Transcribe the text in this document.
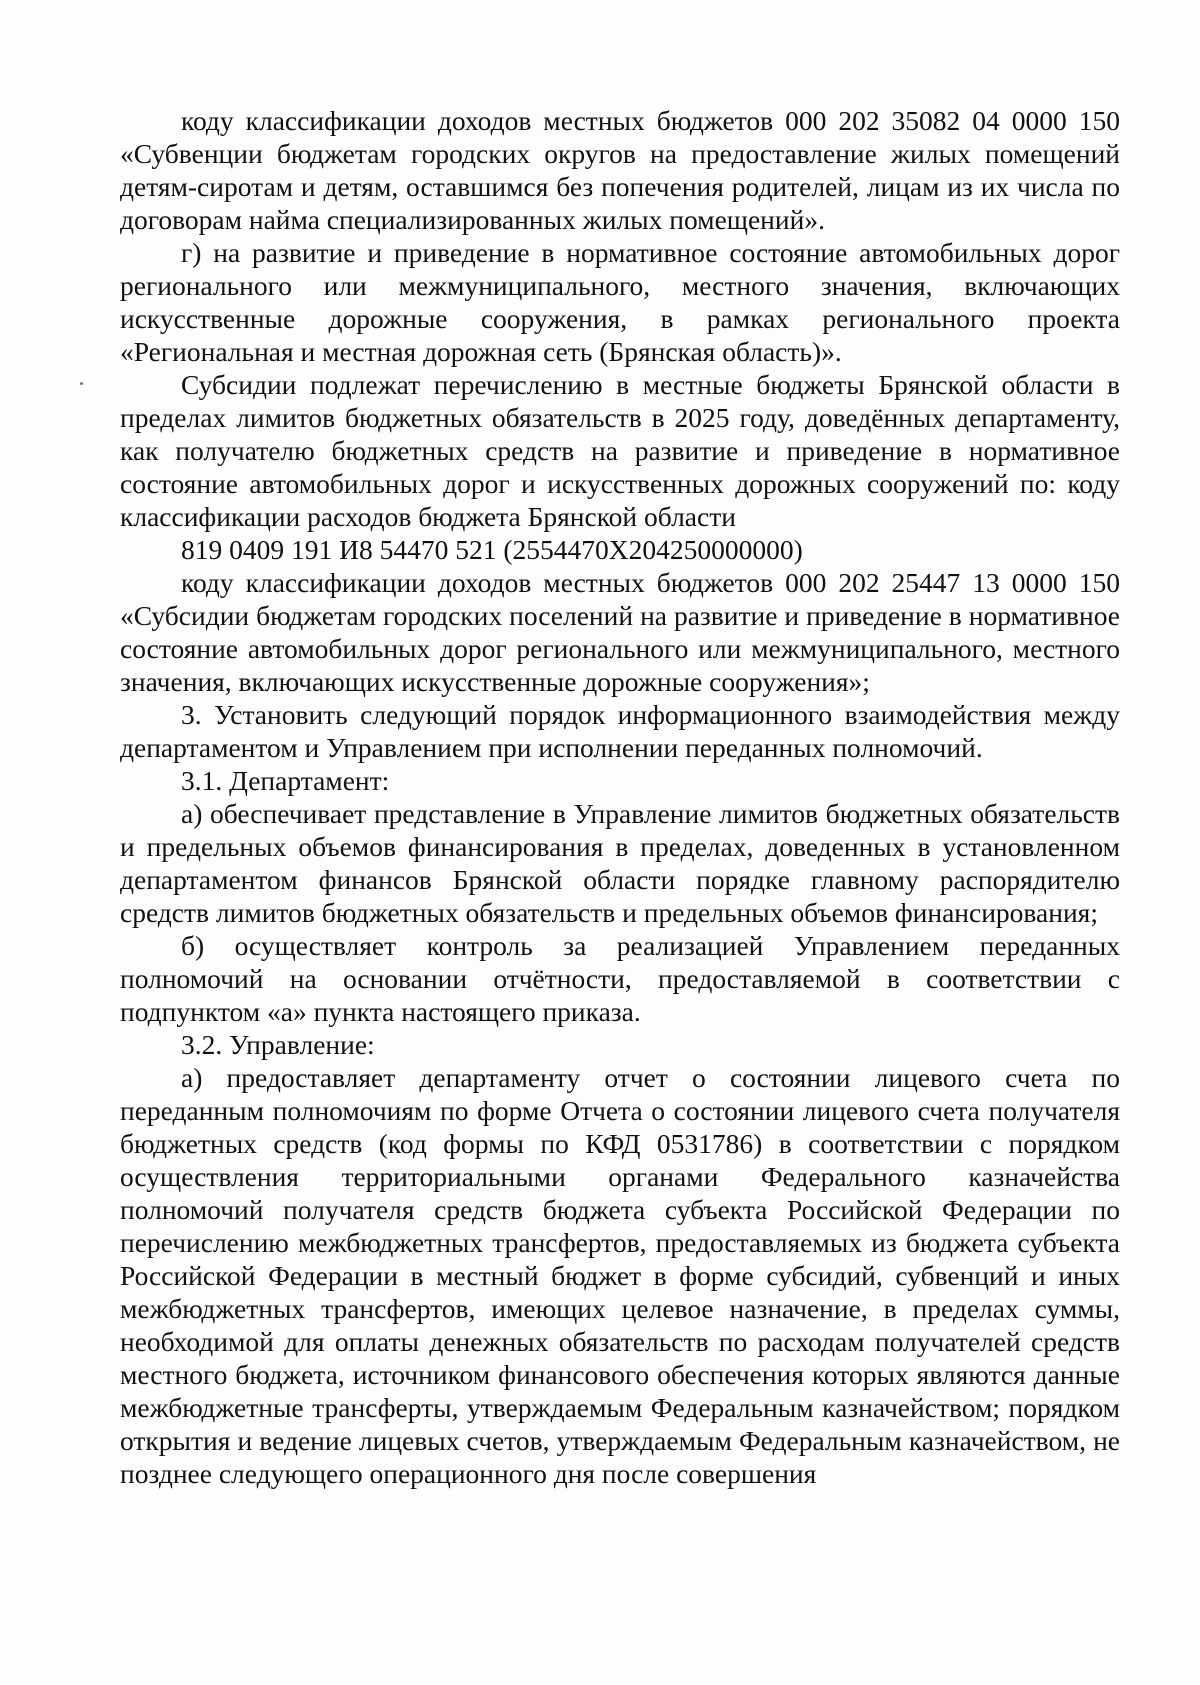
коду классификации доходов местных бюджетов 000 202 35082 04 0000 150 «Субвенции бюджетам городских округов на предоставление жилых помещений детям-сиротам и детям, оставшимся без попечения родителей, лицам из их числа по договорам найма специализированных жилых помещений».

г) на развитие и приведение в нормативное состояние автомобильных дорог регионального или межмуниципального, местного значения, включающих искусственные дорожные сооружения, в рамках регионального проекта «Региональная и местная дорожная сеть (Брянская область)».

Субсидии подлежат перечислению в местные бюджеты Брянской области в пределах лимитов бюджетных обязательств в 2025 году, доведённых департаменту, как получателю бюджетных средств на развитие и приведение в нормативное состояние автомобильных дорог и искусственных дорожных сооружений по: коду классификации расходов бюджета Брянской области

819 0409 191 И8 54470 521 (2554470Х204250000000)

коду классификации доходов местных бюджетов 000 202 25447 13 0000 150 «Субсидии бюджетам городских поселений на развитие и приведение в нормативное состояние автомобильных дорог регионального или межмуниципального, местного значения, включающих искусственные дорожные сооружения»;

3. Установить следующий порядок информационного взаимодействия между департаментом и Управлением при исполнении переданных полномочий.

3.1. Департамент:

а) обеспечивает представление в Управление лимитов бюджетных обязательств и предельных объемов финансирования в пределах, доведенных в установленном департаментом финансов Брянской области порядке главному распорядителю средств лимитов бюджетных обязательств и предельных объемов финансирования;

б) осуществляет контроль за реализацией Управлением переданных полномочий на основании отчётности, предоставляемой в соответствии с подпунктом «а» пункта настоящего приказа.

3.2. Управление:

а) предоставляет департаменту отчет о состоянии лицевого счета по переданным полномочиям по форме Отчета о состоянии лицевого счета получателя бюджетных средств (код формы по КФД 0531786) в соответствии с порядком осуществления территориальными органами Федерального казначейства полномочий получателя средств бюджета субъекта Российской Федерации по перечислению межбюджетных трансфертов, предоставляемых из бюджета субъекта Российской Федерации в местный бюджет в форме субсидий, субвенций и иных межбюджетных трансфертов, имеющих целевое назначение, в пределах суммы, необходимой для оплаты денежных обязательств по расходам получателей средств местного бюджета, источником финансового обеспечения которых являются данные межбюджетные трансферты, утверждаемым Федеральным казначейством; порядком открытия и ведение лицевых счетов, утверждаемым Федеральным казначейством, не позднее следующего операционного дня после совершения
